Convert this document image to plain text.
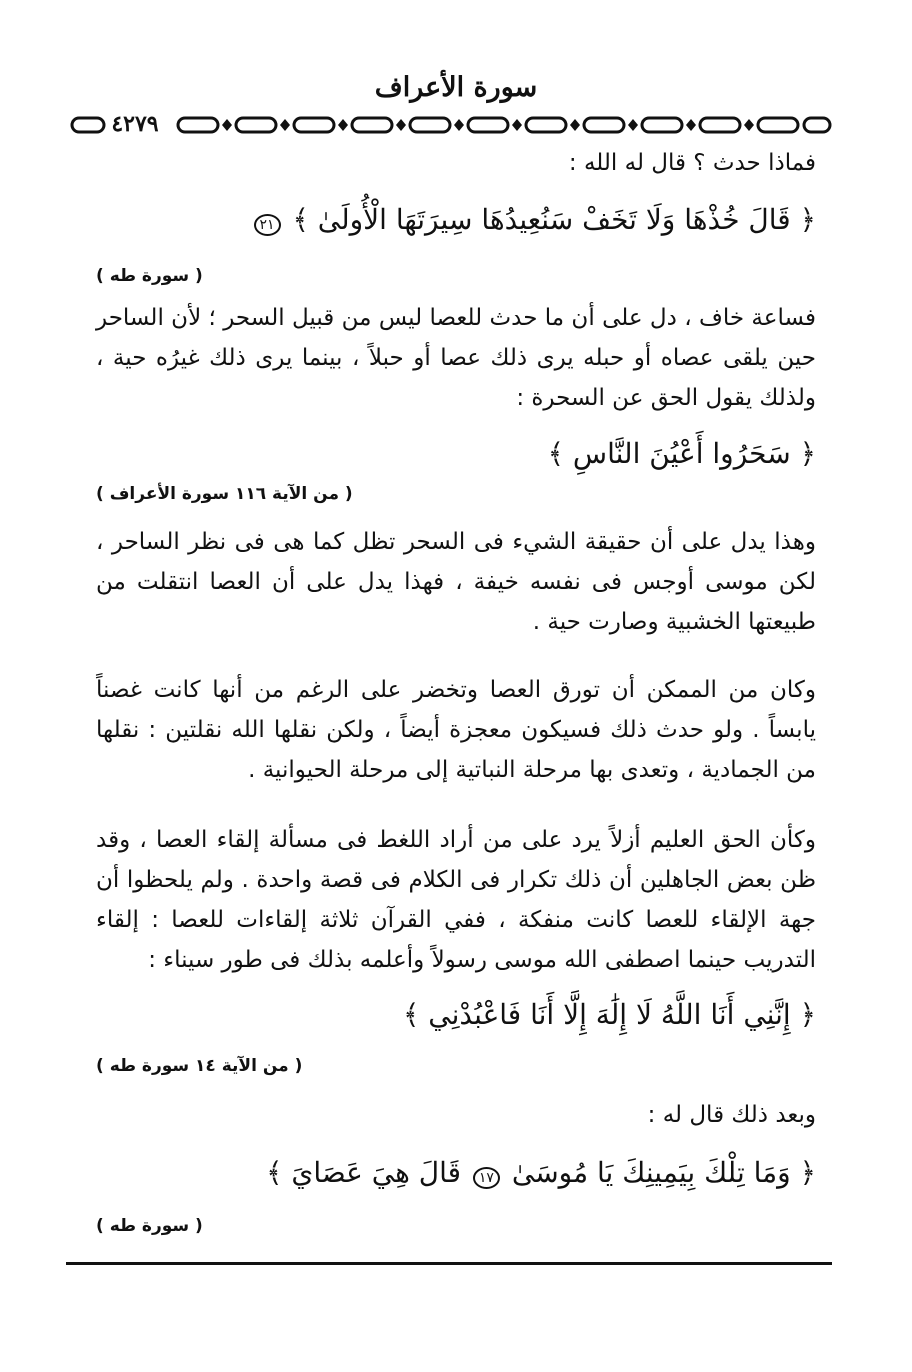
سورة الأعراف
٤٢٧٩
فماذا حدث ؟ قال له الله :
﴿ قَالَ خُذْهَا وَلَا تَخَفْ سَنُعِيدُهَا سِيرَتَهَا الْأُولَىٰ ﴾ ٢١
( سورة طه )
فساعة خاف ، دل على أن ما حدث للعصا ليس من قبيل السحر ؛ لأن الساحر حين يلقى عصاه أو حبله يرى ذلك عصا أو حبلاً ، بينما يرى ذلك غيرُه حية ، ولذلك يقول الحق عن السحرة :
﴿ سَحَرُوا أَعْيُنَ النَّاسِ ﴾
( من الآية ١١٦ سورة الأعراف )
وهذا يدل على أن حقيقة الشيء فى السحر تظل كما هى فى نظر الساحر ، لكن موسى أوجس فى نفسه خيفة ، فهذا يدل على أن العصا انتقلت من طبيعتها الخشبية وصارت حية .
وكان من الممكن أن تورق العصا وتخضر على الرغم من أنها كانت غصناً يابساً . ولو حدث ذلك فسيكون معجزة أيضاً ، ولكن نقلها الله نقلتين : نقلها من الجمادية ، وتعدى بها مرحلة النباتية إلى مرحلة الحيوانية .
وكأن الحق العليم أزلاً يرد على من أراد اللغط فى مسألة إلقاء العصا ، وقد ظن بعض الجاهلين أن ذلك تكرار فى الكلام فى قصة واحدة . ولم يلحظوا أن جهة الإلقاء للعصا كانت منفكة ، ففي القرآن ثلاثة إلقاءات للعصا : إلقاء التدريب حينما اصطفى الله موسى رسولاً وأعلمه بذلك فى طور سيناء :
﴿ إِنَّنِي أَنَا اللَّهُ لَا إِلَٰهَ إِلَّا أَنَا فَاعْبُدْنِي ﴾
( من الآية ١٤ سورة طه )
وبعد ذلك قال له :
﴿ وَمَا تِلْكَ بِيَمِينِكَ يَا مُوسَىٰ ١٧ قَالَ هِيَ عَصَايَ ﴾
( سورة طه )
